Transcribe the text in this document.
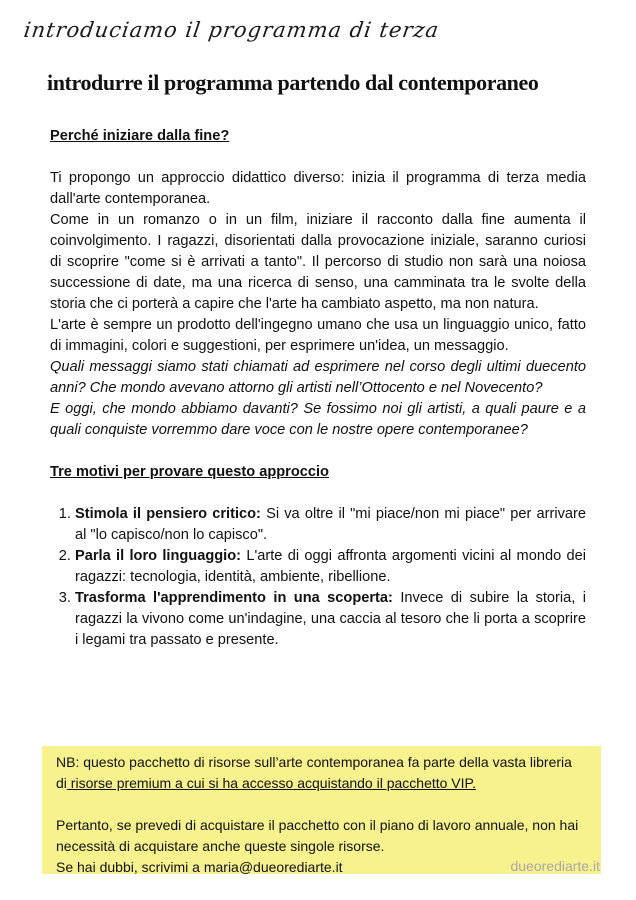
introduciamo il programma di terza
introdurre il programma partendo dal contemporaneo

Perché iniziare dalla fine?

Ti propongo un approccio didattico diverso: inizia il programma di terza media dall'arte contemporanea.

Come in un romanzo o in un film, iniziare il racconto dalla fine aumenta il coinvolgimento. I ragazzi, disorientati dalla provocazione iniziale, saranno curiosi di scoprire "come si è arrivati a tanto". Il percorso di studio non sarà una noiosa successione di date, ma una ricerca di senso, una camminata tra le svolte della storia che ci porterà a capire che l'arte ha cambiato aspetto, ma non natura.

L'arte è sempre un prodotto dell'ingegno umano che usa un linguaggio unico, fatto di immagini, colori e suggestioni, per esprimere un'idea, un messaggio.

Quali messaggi siamo stati chiamati ad esprimere nel corso degli ultimi duecento anni? Che mondo avevano attorno gli artisti nell’Ottocento e nel Novecento?

E oggi, che mondo abbiamo davanti? Se fossimo noi gli artisti, a quali paure e a quali conquiste vorremmo dare voce con le nostre opere contemporanee?

Tre motivi per provare questo approccio

1. Stimola il pensiero critico: Si va oltre il "mi piace/non mi piace" per arrivare al "lo capisco/non lo capisco".
2. Parla il loro linguaggio: L'arte di oggi affronta argomenti vicini al mondo dei ragazzi: tecnologia, identità, ambiente, ribellione.
3. Trasforma l'apprendimento in una scoperta: Invece di subire la storia, i ragazzi la vivono come un'indagine, una caccia al tesoro che li porta a scoprire i legami tra passato e presente.

NB: questo pacchetto di risorse sull’arte contemporanea fa parte della vasta libreria
di risorse premium a cui si ha accesso acquistando il pacchetto VIP.

Pertanto, se prevedi di acquistare il pacchetto con il piano di lavoro annuale, non hai necessità di acquistare anche queste singole risorse.

Se hai dubbi, scrivimi a maria@dueorediarte.it	dueorediarte.it
